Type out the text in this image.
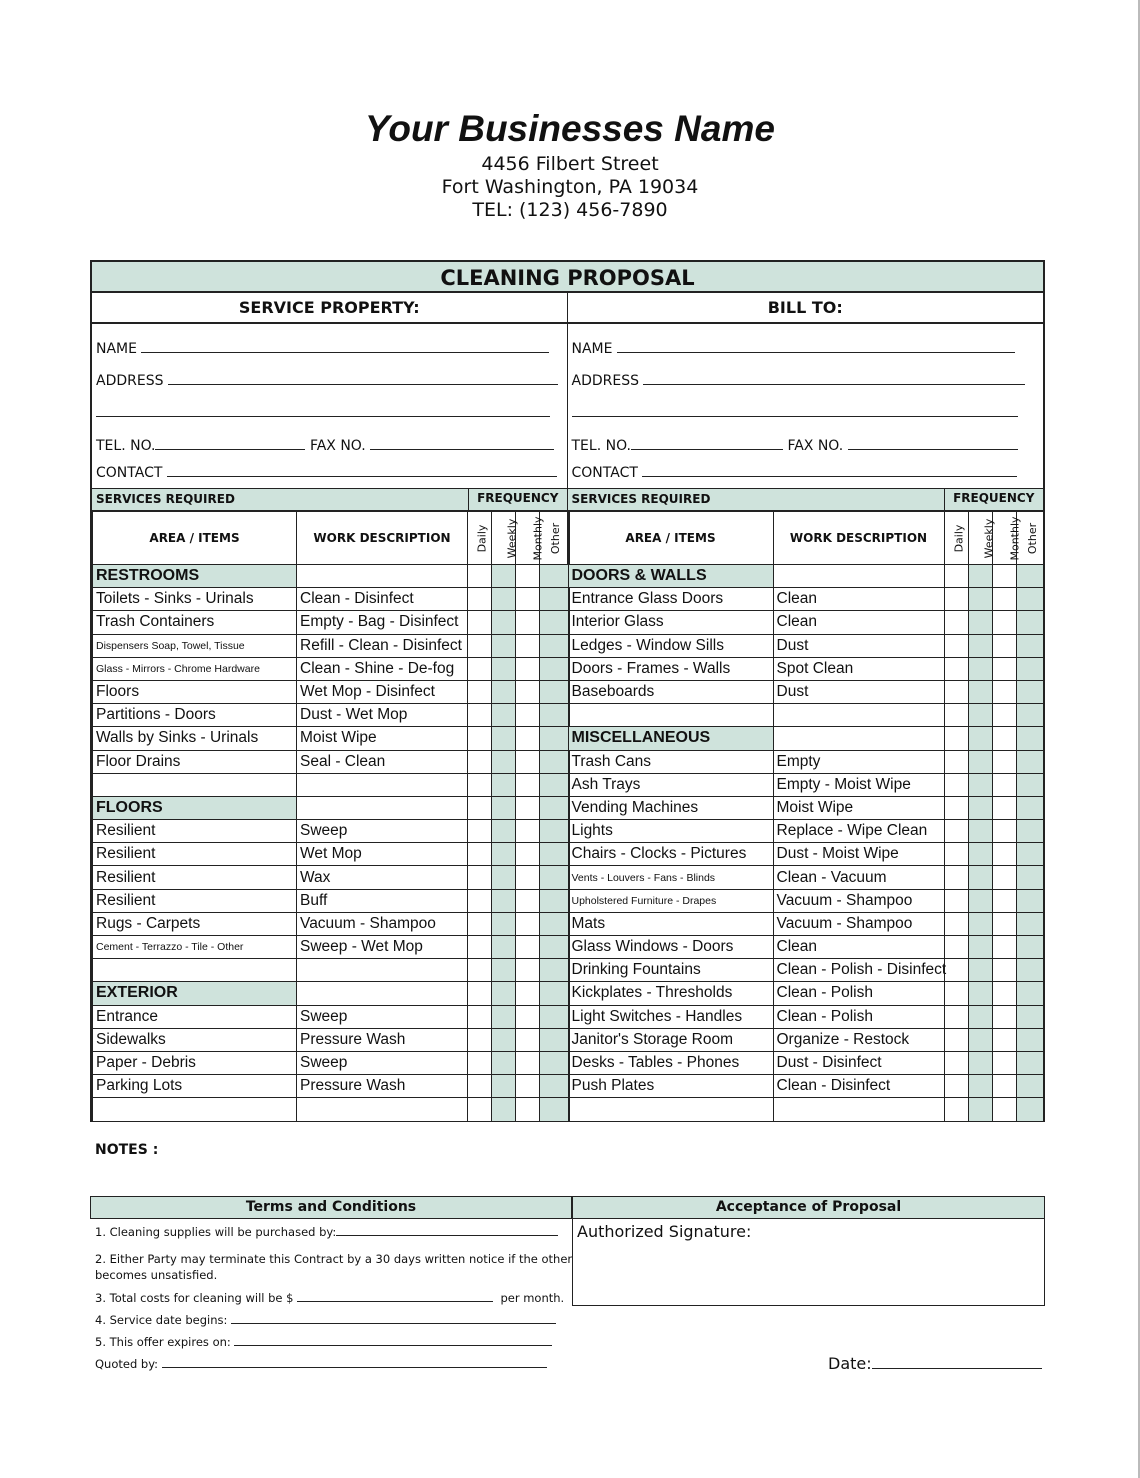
Your Businesses Name
4456 Filbert Street
Fort Washington, PA 19034
TEL: (123) 456-7890
CLEANING PROPOSAL
SERVICE PROPERTY:
NAME
ADDRESS
TEL. NO.	FAX NO.
CONTACT
BILL TO:
NAME
ADDRESS
TEL. NO.	FAX NO.
CONTACT
SERVICES REQUIRED	FREQUENCY
AREA / ITEMS	WORK DESCRIPTION	Daily	Weekly	Monthly	Other
RESTROOMS					
Toilets - Sinks - Urinals	Clean - Disinfect				
Trash Containers	Empty - Bag - Disinfect				
Dispensers Soap, Towel, Tissue	Refill - Clean - Disinfect				
Glass - Mirrors - Chrome Hardware	Clean - Shine - De-fog				
Floors	Wet Mop - Disinfect				
Partitions - Doors	Dust - Wet Mop				
Walls by Sinks - Urinals	Moist Wipe				
Floor Drains	Seal - Clean				

FLOORS					
Resilient	Sweep				
Resilient	Wet Mop				
Resilient	Wax				
Resilient	Buff				
Rugs - Carpets	Vacuum - Shampoo				
Cement - Terrazzo - Tile - Other	Sweep - Wet Mop				

EXTERIOR					
Entrance	Sweep				
Sidewalks	Pressure Wash				
Paper - Debris	Sweep				
Parking Lots	Pressure Wash				

SERVICES REQUIRED	FREQUENCY
AREA / ITEMS	WORK DESCRIPTION	Daily	Weekly	Monthly	Other
DOORS & WALLS					
Entrance Glass Doors	Clean				
Interior Glass	Clean				
Ledges - Window Sills	Dust				
Doors - Frames - Walls	Spot Clean				
Baseboards	Dust				

MISCELLANEOUS					
Trash Cans	Empty				
Ash Trays	Empty - Moist Wipe				
Vending Machines	Moist Wipe				
Lights	Replace - Wipe Clean				
Chairs - Clocks - Pictures	Dust - Moist Wipe				
Vents - Louvers - Fans - Blinds	Clean - Vacuum				
Upholstered Furniture - Drapes	Vacuum - Shampoo				
Mats	Vacuum - Shampoo				
Glass Windows - Doors	Clean				
Drinking Fountains	Clean - Polish - Disinfect				
Kickplates - Thresholds	Clean - Polish				
Light Switches - Handles	Clean - Polish				
Janitor's Storage Room	Organize - Restock				
Desks - Tables - Phones	Dust - Disinfect				
Push Plates	Clean - Disinfect				

NOTES :
Terms and Conditions
1. Cleaning supplies will be purchased by:
2. Either Party may terminate this Contract by a 30 days written notice if the other
becomes unsatisfied.
3. Total costs for cleaning will be $	per month.
4. Service date begins:
5. This offer expires on:
Quoted by:
Acceptance of Proposal
Authorized Signature:
Date:
